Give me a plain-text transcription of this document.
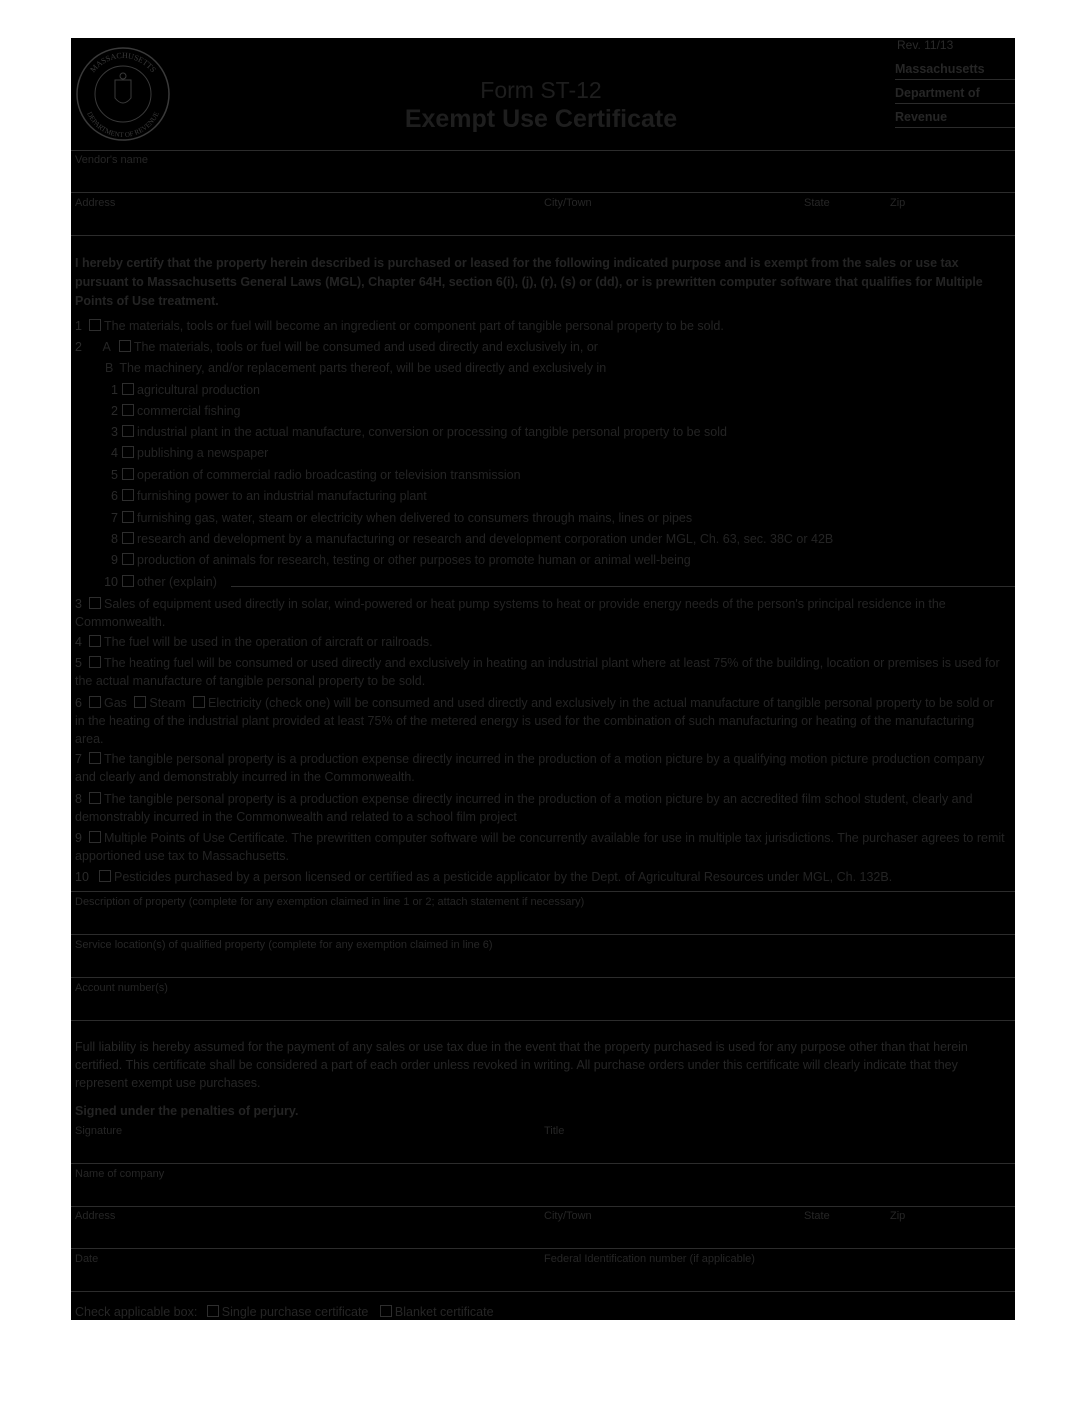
MASSACHUSETTS
DEPARTMENT OF REVENUE
Form ST-12
Exempt Use Certificate
Rev. 11/13
Massachusetts
Department of
Revenue
Vendor's name
Address	City/Town	State	Zip
I hereby certify that the property herein described is purchased or leased for the following indicated purpose and is exempt from the sales or use tax pursuant to Massachusetts General Laws (MGL), Chapter 64H, section 6(i), (j), (r), (s) or (dd), or is prewritten computer software that qualifies for Multiple Points of Use treatment.
1 The materials, tools or fuel will become an ingredient or component part of tangible personal property to be sold.
2 A The materials, tools or fuel will be consumed and used directly and exclusively in, or
B The machinery, and/or replacement parts thereof, will be used directly and exclusively in
1 agricultural production
2 commercial fishing
3 industrial plant in the actual manufacture, conversion or processing of tangible personal property to be sold
4 publishing a newspaper
5 operation of commercial radio broadcasting or television transmission
6 furnishing power to an industrial manufacturing plant
7 furnishing gas, water, steam or electricity when delivered to consumers through mains, lines or pipes
8 research and development by a manufacturing or research and development corporation under MGL, Ch. 63, sec. 38C or 42B
9 production of animals for research, testing or other purposes to promote human or animal well-being
10 other (explain)
3 Sales of equipment used directly in solar, wind-powered or heat pump systems to heat or provide energy needs of the person's principal residence in the Commonwealth.
4 The fuel will be used in the operation of aircraft or railroads.
5 The heating fuel will be consumed or used directly and exclusively in heating an industrial plant where at least 75% of the building, location or premises is used for the actual manufacture of tangible personal property to be sold.
6 Gas Steam Electricity (check one) will be consumed and used directly and exclusively in the actual manufacture of tangible personal property to be sold or in the heating of the industrial plant provided at least 75% of the metered energy is used for the combination of such manufacturing or heating of the manufacturing area.
7 The tangible personal property is a production expense directly incurred in the production of a motion picture by a qualifying motion picture production company and clearly and demonstrably incurred in the Commonwealth.
8 The tangible personal property is a production expense directly incurred in the production of a motion picture by an accredited film school student, clearly and demonstrably incurred in the Commonwealth and related to a school film project
9 Multiple Points of Use Certificate. The prewritten computer software will be concurrently available for use in multiple tax jurisdictions. The purchaser agrees to remit apportioned use tax to Massachusetts.
10 Pesticides purchased by a person licensed or certified as a pesticide applicator by the Dept. of Agricultural Resources under MGL, Ch. 132B.
Description of property (complete for any exemption claimed in line 1 or 2; attach statement if necessary)
Service location(s) of qualified property (complete for any exemption claimed in line 6)
Account number(s)
Full liability is hereby assumed for the payment of any sales or use tax due in the event that the property purchased is used for any purpose other than that herein certified. This certificate shall be considered a part of each order unless revoked in writing. All purchase orders under this certificate will clearly indicate that they represent exempt use purchases.
Signed under the penalties of perjury.
Signature	Title
Name of company
Address	City/Town	State	Zip
Date	Federal Identification number (if applicable)
Check applicable box: Single purchase certificate Blanket certificate
